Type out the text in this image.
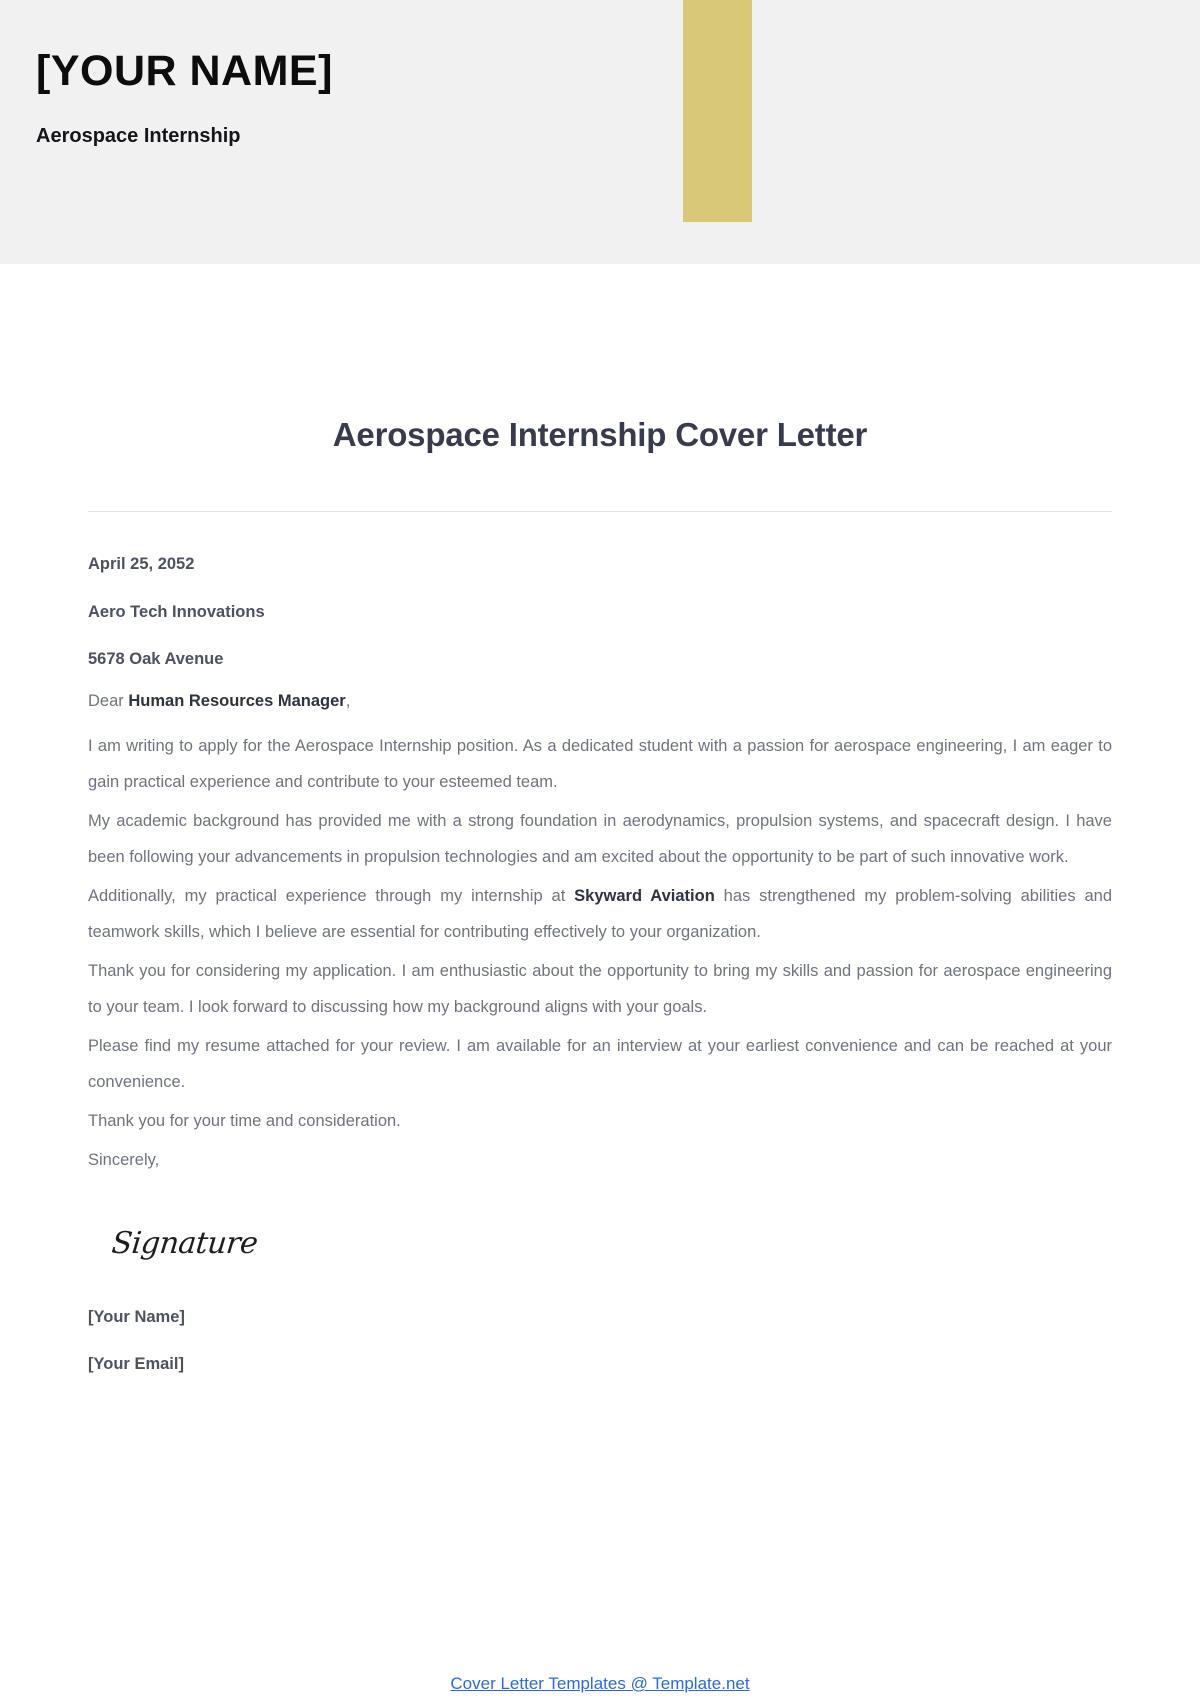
[YOUR NAME]
Aerospace Internship
Aerospace Internship Cover Letter
April 25, 2052
Aero Tech Innovations
5678 Oak Avenue
Dear Human Resources Manager,

I am writing to apply for the Aerospace Internship position. As a dedicated student with a passion for aerospace engineering, I am eager to gain practical experience and contribute to your esteemed team.

My academic background has provided me with a strong foundation in aerodynamics, propulsion systems, and spacecraft design. I have been following your advancements in propulsion technologies and am excited about the opportunity to be part of such innovative work.

Additionally, my practical experience through my internship at Skyward Aviation has strengthened my problem-solving abilities and teamwork skills, which I believe are essential for contributing effectively to your organization.

Thank you for considering my application. I am enthusiastic about the opportunity to bring my skills and passion for aerospace engineering to your team. I look forward to discussing how my background aligns with your goals.

Please find my resume attached for your review. I am available for an interview at your earliest convenience and can be reached at your convenience.

Thank you for your time and consideration.

Sincerely,

Signature
[Your Name]
[Your Email]
Cover Letter Templates @ Template.net
